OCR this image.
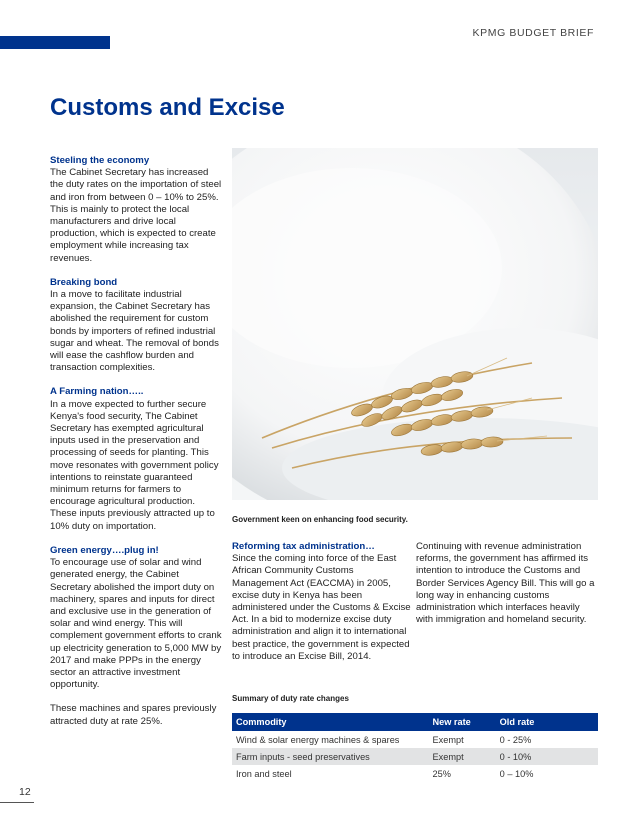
KPMG BUDGET BRIEF
Customs and Excise
Steeling the economy

The Cabinet Secretary has increased the duty rates on the importation of steel and iron from between 0 – 10% to 25%. This is mainly to protect the local manufacturers and drive local production, which is expected to create employment while increasing tax revenues.

Breaking bond

In a move to facilitate industrial expansion, the Cabinet Secretary has abolished the requirement for custom bonds by importers of refined industrial sugar and wheat. The removal of bonds will ease the cashflow burden and transaction complexities.

A Farming nation…..

In a move expected to further secure Kenya's food security, The Cabinet Secretary has exempted agricultural inputs used in the preservation and processing of seeds for planting. This move resonates with government policy intentions to reinstate guaranteed minimum returns for farmers to encourage agricultural production. These inputs previously attracted up to 10% duty on importation.

Green energy….plug in!

To encourage use of solar and wind generated energy, the Cabinet Secretary abolished the import duty on machinery, spares and inputs for direct and exclusive use in the generation of solar and wind energy. This will complement government efforts to crank up electricity generation to 5,000 MW by 2017 and make PPPs in the energy sector an attractive investment opportunity.

These machines and spares previously attracted duty at rate 25%.

Government keen on enhancing food security.
Reforming tax administration…

Since the coming into force of the East African Community Customs Management Act (EACCMA) in 2005, excise duty in Kenya has been administered under the Customs & Excise Act. In a bid to modernize excise duty administration and align it to international best practice, the government is expected to introduce an Excise Bill, 2014.

Continuing with revenue administration reforms, the government has affirmed its intention to introduce the Customs and Border Services Agency Bill. This will go a long way in enhancing customs administration which interfaces heavily with immigration and homeland security.

Summary of duty rate changes
Commodity	New rate	Old rate
Wind & solar energy machines & spares	Exempt	0 - 25%
Farm inputs - seed preservatives	Exempt	0 - 10%
Iron and steel	25%	0 – 10%
12
